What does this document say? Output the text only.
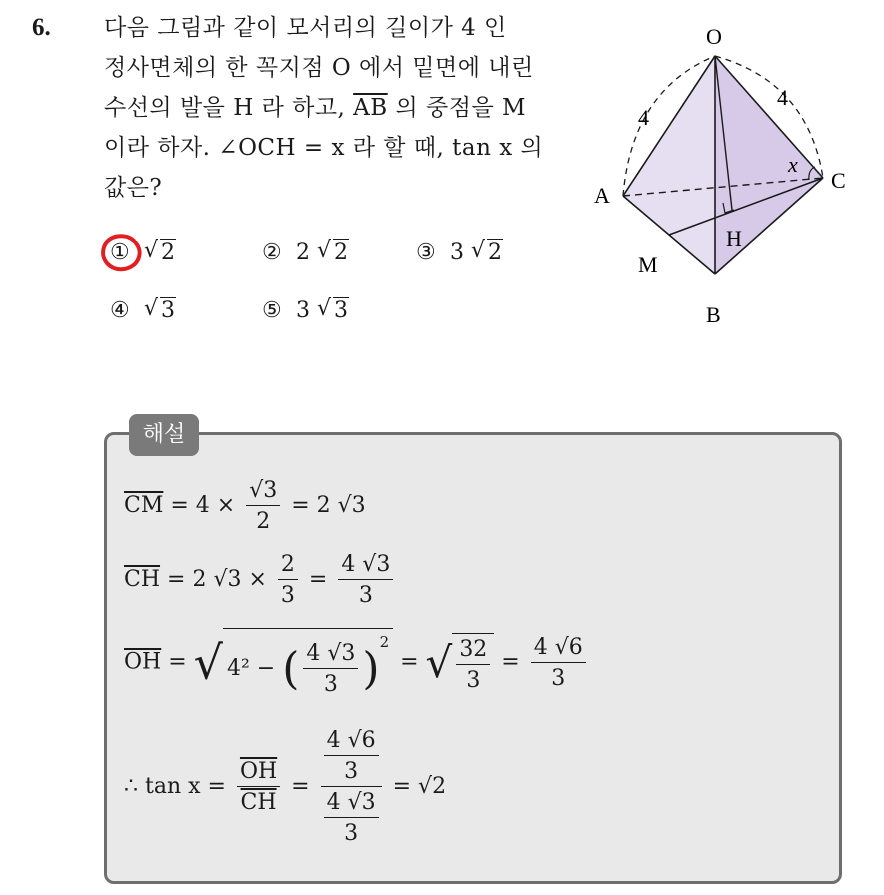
6. 다음 그림과 같이 모서리의 길이가 4 인
정사면체의 한 꼭지점 O 에서 밑면에 내린
수선의 발을 H 라 하고, $\overline{AB}$ 의 중점을 M
이라 하자. ∠OCH = x 라 할 때, tan x 의
값은?
① √ 2	② 2 √ 2	③ 3 √ 2
④ √ 3	⑤ 3 √ 3
O
A
B
C
H
M
x
4
4
해설
$\overline{CM} = 4 \times \frac{√3}{2} = 2$ √3
$\overline{CH} = 2$ $√3 \times \frac{2}{3} = \frac{4 √3}{3}$
$\overline{OH}$ = √ 4² − ( $\frac{4 √3}{3} )^2$ = √ $\frac{32}{3} = \frac{4 √6}{3}$
∴ $\tan x = \frac{\overline{OH}}{CH} = \frac{\frac{4 √6}{3}}{\frac{4 √3}{3}} = √2$
